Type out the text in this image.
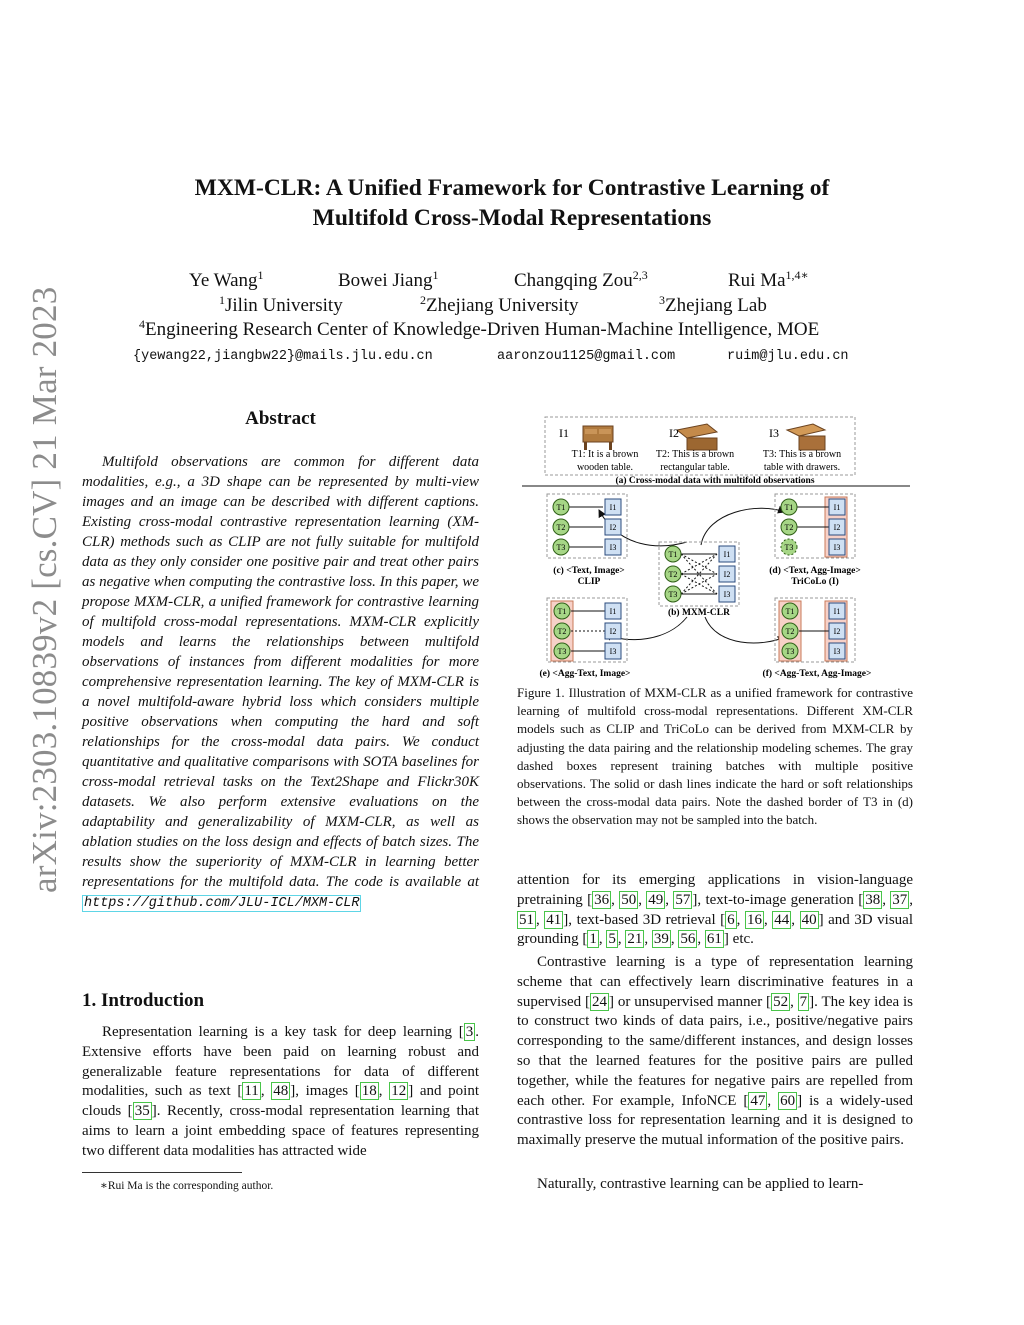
arXiv:2303.10839v2 [cs.CV] 21 Mar 2023
MXM-CLR: A Unified Framework for Contrastive Learning of
Multifold Cross-Modal Representations
Ye Wang$^1$	Bowei Jiang$^1$	Changqing Zou$^{2,3}$	Rui $Ma^{1,4∗}$
$^1$Jilin University	$^2$Zhejiang University	$^3$Zhejiang Lab
$^4$Engineering Research Center of Knowledge-Driven Human-Machine Intelligence, MOE
{yewang22,jiangbw22}@mails.jlu.edu.cn	aaronzou1125@gmail.com	ruim@jlu.edu.cn
Abstract
Multifold observations are common for different data modalities, e.g., a 3D shape can be represented by multi-view images and an image can be described with different captions. Existing cross-modal contrastive representation learning (XM-CLR) methods such as CLIP are not fully suitable for multifold data as they only consider one positive pair and treat other pairs as negative when computing the contrastive loss. In this paper, we propose MXM-CLR, a unified framework for contrastive learning of multifold cross-modal representations. MXM-CLR explicitly models and learns the relationships between multifold observations of instances from different modalities for more comprehensive representation learning. The key of MXM-CLR is a novel multifold-aware hybrid loss which considers multiple positive observations when computing the hard and soft relationships for the cross-modal data pairs. We conduct quantitative and qualitative comparisons with SOTA baselines for cross-modal retrieval tasks on the Text2Shape and Flickr30K datasets. We also perform extensive evaluations on the adaptability and generalizability of MXM-CLR, as well as ablation studies on the loss design and effects of batch sizes. The results show the superiority of MXM-CLR in learning better representations for the multifold data. The code is available at https://github.com/JLU-ICL/MXM-CLR
1. Introduction
Representation learning is a key task for deep learning [ 3 . Extensive efforts have been paid on learning robust and generalizable feature representations for data of different modalities, such as text [ 11 , 48 ], images [ 18 , 12 ] and point clouds [ 35 ]. Recently, cross-modal representation learning that aims to learn a joint embedding space of features representing two different data modalities has attracted wide
∗Rui Ma is the corresponding author.
I1	I2	I3
T1: It is a brown
wooden table.
T2: This is a brown
rectangular table.
T3: This is a brown
table with drawers.
(a) Cross-modal data with multifold observations
T1
T2
T3
I1
I2
I3
(c) <Text, Image>
CLIP
T1
T2
T3
I1
I2
I3
(d) <Text, Agg-Image>
TriCoLo (I)
T1
T2
T3
I1
I2
I3
(b) MXM-CLR
T1
T2
T3
I1
I2
I3
(e) <Agg-Text, Image>
T1
T2
T3
I1
I2
I3
(f) <Agg-Text, Agg-Image>
Figure 1. Illustration of MXM-CLR as a unified framework for contrastive learning of multifold cross-modal representations. Different XM-CLR models such as CLIP and TriCoLo can be derived from MXM-CLR by adjusting the data pairing and the relationship modeling schemes. The gray dashed boxes represent training batches with multiple positive observations. The solid or dash lines indicate the hard or soft relationships between the cross-modal data pairs. Note the dashed border of T3 in (d) shows the observation may not be sampled into the batch.
attention for its emerging applications in vision-language pretraining [ 36 , 50 , 49 , 57 ], text-to-image generation [ 38 , 37 , 51 , 41 ], text-based 3D retrieval [ 6 , 16 , 44 , 40 ] and 3D visual grounding [ 1 , 5 , 21 , 39 , 56 , 61 ] etc.
Contrastive learning is a type of representation learning scheme that can effectively learn discriminative features in a supervised [ 24 ] or unsupervised manner [ 52 , 7 ]. The key idea is to construct two kinds of data pairs, i.e., positive/negative pairs corresponding to the same/different instances, and design losses so that the learned features for the positive pairs are pulled together, while the features for negative pairs are repelled from each other. For example, InfoNCE [ 47 , 60 ] is a widely-used contrastive loss for representation learning and it is designed to maximally preserve the mutual information of the positive pairs.
Naturally, contrastive learning can be applied to learn-
